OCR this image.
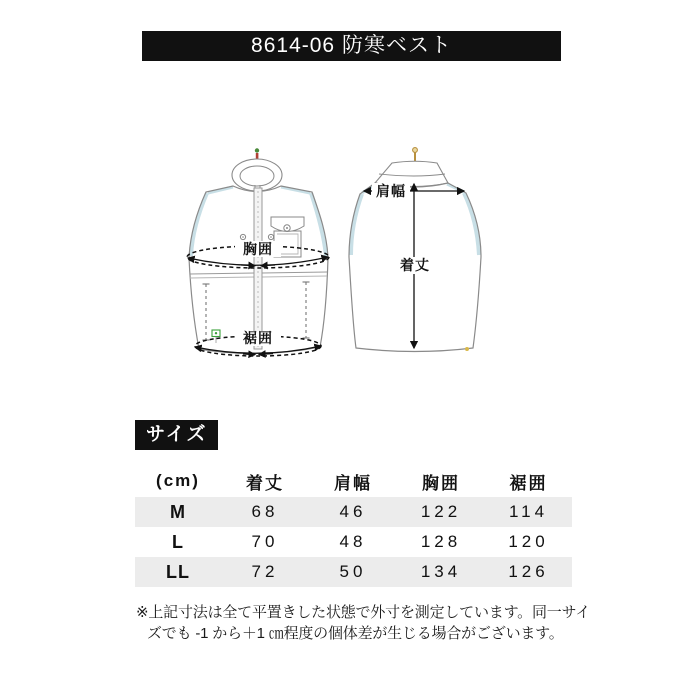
8614-06 防寒ベスト
胸囲
裾囲
肩幅
着丈
サイズ
(cm)	着丈	肩幅	胸囲	裾囲
M	68	46	122	114
L	70	48	128	120
LL	72	50	134	126
※上記寸法は全て平置きした状態で外寸を測定しています。同一サイ
ズでも -1 から＋1 ㎝程度の個体差が生じる場合がございます。
